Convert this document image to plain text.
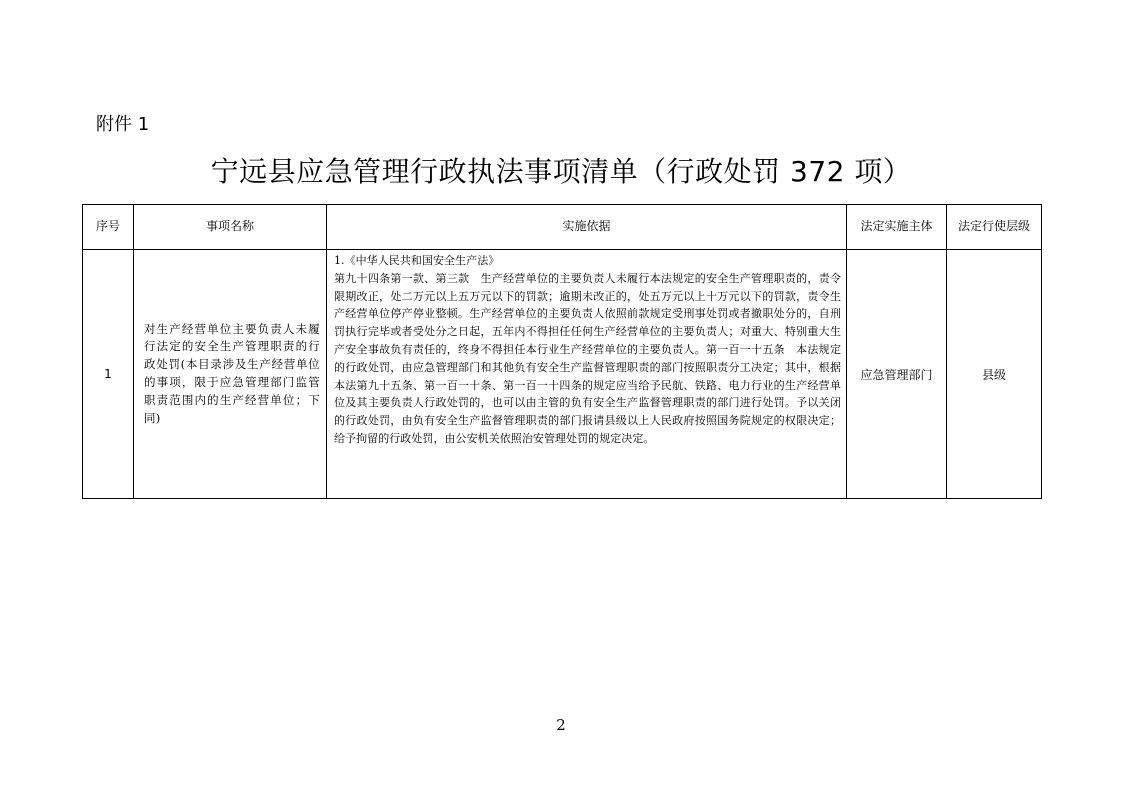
附件 1
宁远县应急管理行政执法事项清单（行政处罚 372 项）
序号	事项名称	实施依据	法定实施主体	法定行使层级
1	对生产经营单位主要负责人未履行法定的安全生产管理职责的行政处罚(本目录涉及生产经营单位的事项，限于应急管理部门监管职责范围内的生产经营单位；下同)	1.《中华人民共和国安全生产法》
第九十四条第一款、第三款　生产经营单位的主要负责人未履行本法规定的安全生产管理职责的，责令限期改正，处二万元以上五万元以下的罚款；逾期未改正的，处五万元以上十万元以下的罚款，责令生产经营单位停产停业整顿。生产经营单位的主要负责人依照前款规定受刑事处罚或者撤职处分的，自刑罚执行完毕或者受处分之日起，五年内不得担任任何生产经营单位的主要负责人；对重大、特别重大生产安全事故负有责任的，终身不得担任本行业生产经营单位的主要负责人。第一百一十五条　本法规定的行政处罚，由应急管理部门和其他负有安全生产监督管理职责的部门按照职责分工决定；其中，根据本法第九十五条、第一百一十条、第一百一十四条的规定应当给予民航、铁路、电力行业的生产经营单位及其主要负责人行政处罚的，也可以由主管的负有安全生产监督管理职责的部门进行处罚。予以关闭的行政处罚，由负有安全生产监督管理职责的部门报请县级以上人民政府按照国务院规定的权限决定；给予拘留的行政处罚，由公安机关依照治安管理处罚的规定决定。	应急管理部门	县级
2
